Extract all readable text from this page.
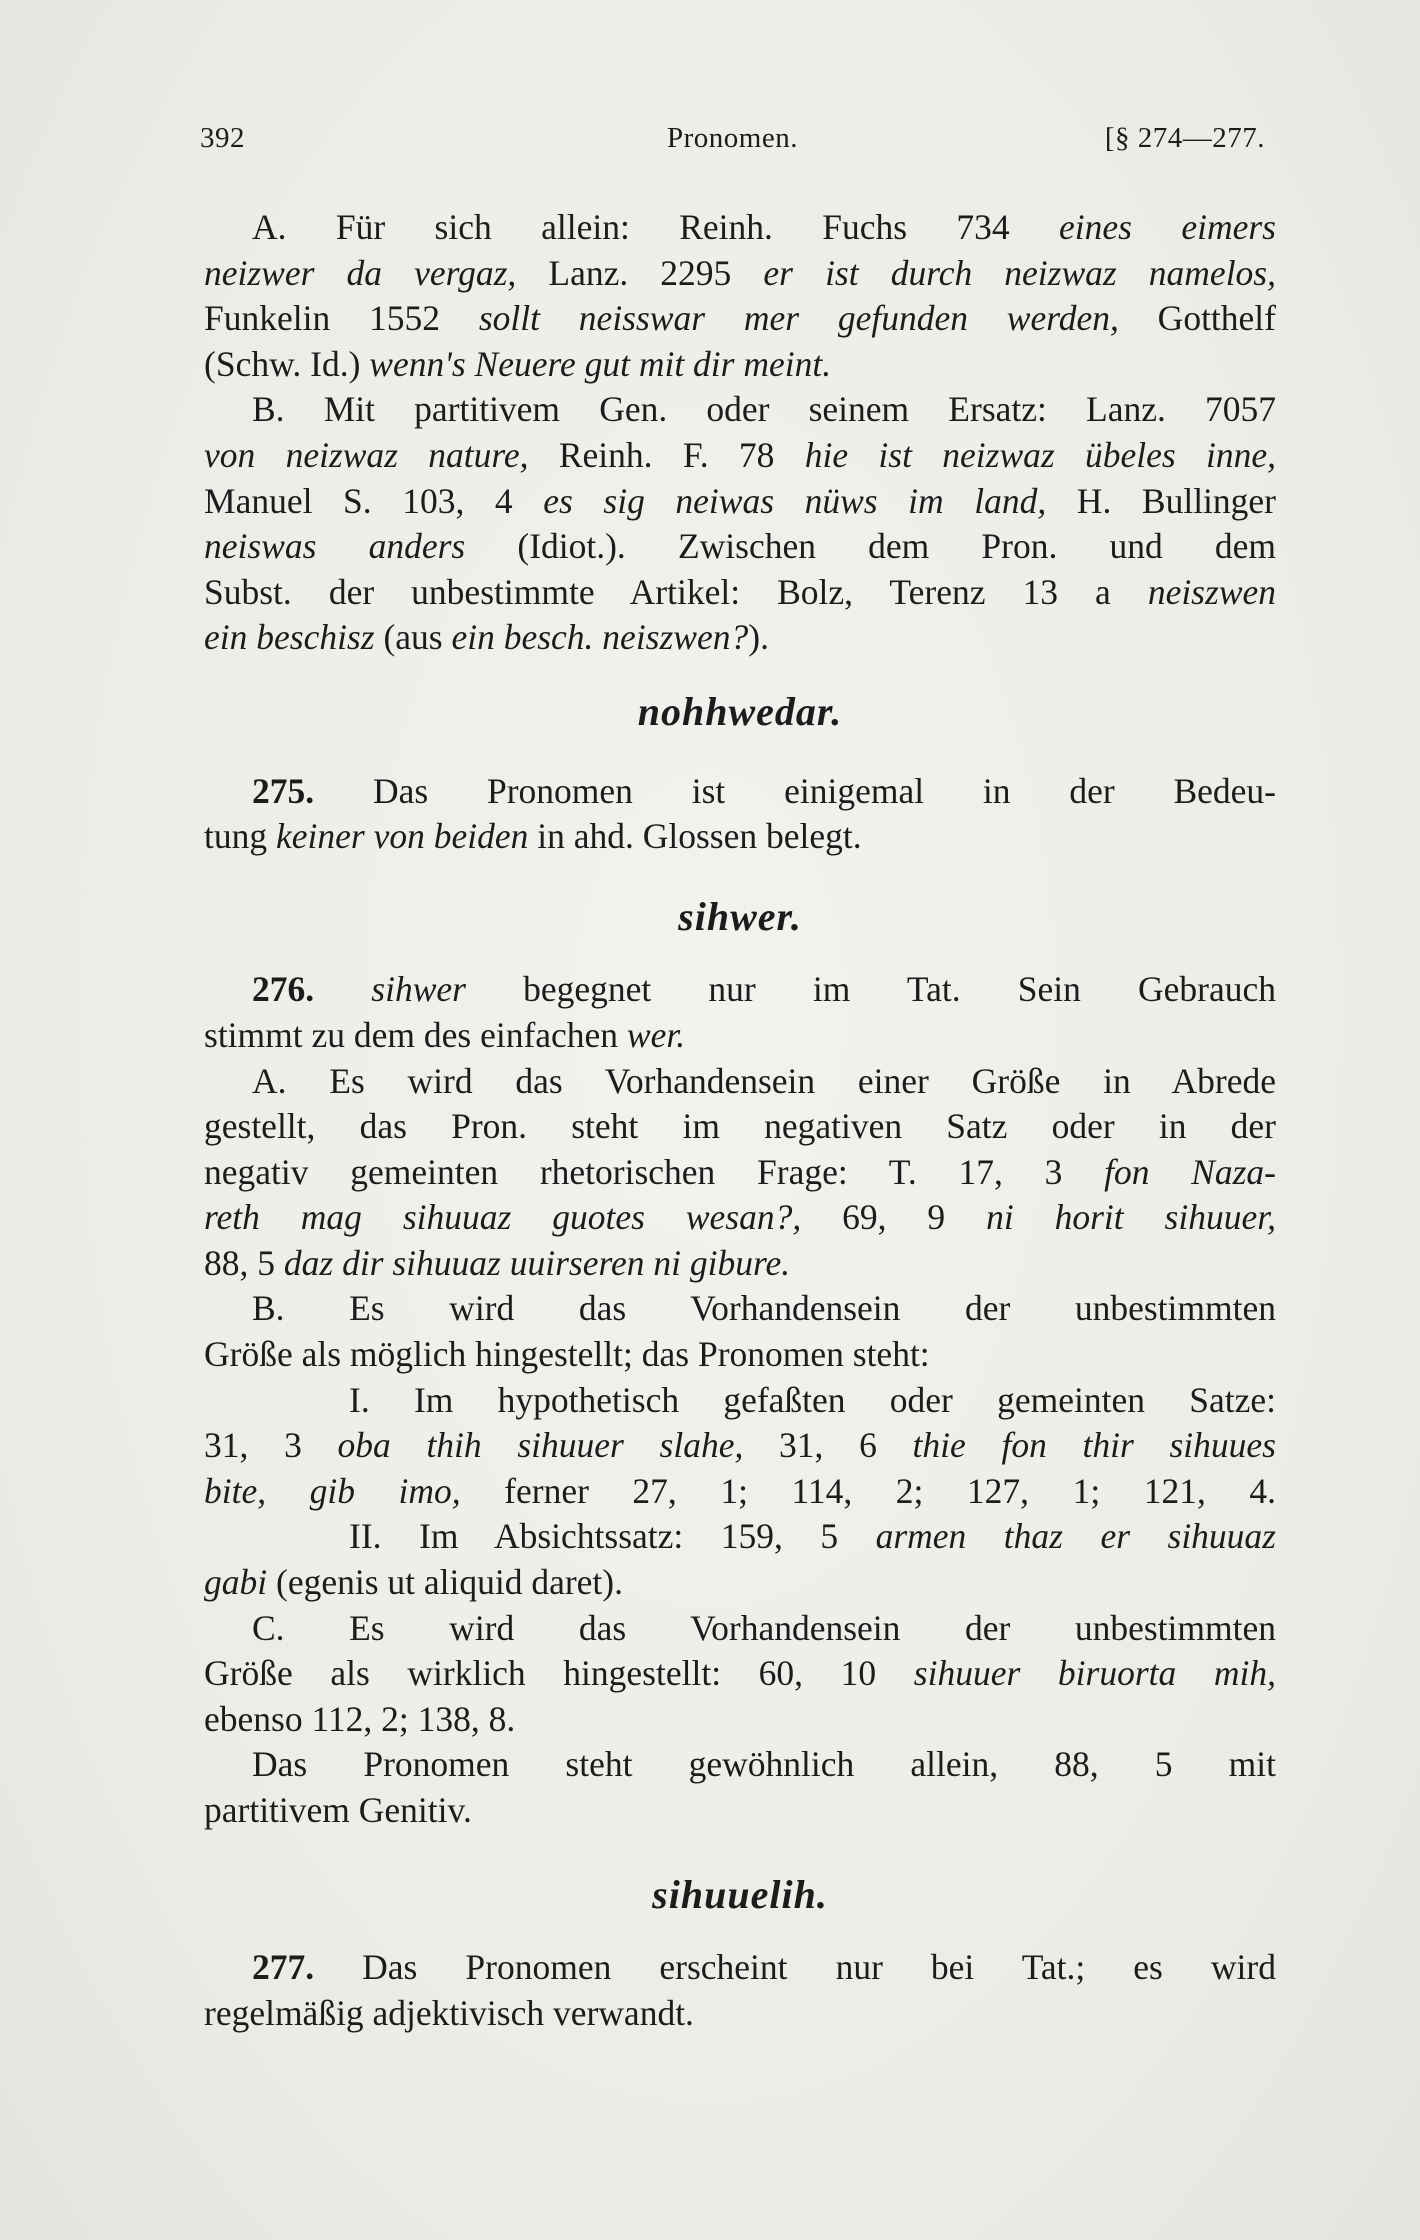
392	Pronomen.	[§ 274—277.
A. Für sich allein: Reinh. Fuchs 734 eines eimers
neizwer da vergaz, Lanz. 2295 er ist durch neizwaz namelos,
Funkelin 1552 sollt neisswar mer gefunden werden, Gotthelf
(Schw. Id.) wenn's Neuere gut mit dir meint.
B. Mit partitivem Gen. oder seinem Ersatz: Lanz. 7057
von neizwaz nature, Reinh. F. 78 hie ist neizwaz übeles inne,
Manuel S. 103, 4 es sig neiwas nüws im land, H. Bullinger
neiswas anders (Idiot.). Zwischen dem Pron. und dem
Subst. der unbestimmte Artikel: Bolz, Terenz 13 a neiszwen
ein beschisz (aus ein besch. neiszwen?).
nohhwedar.
275. Das Pronomen ist einigemal in der Bedeu-
tung keiner von beiden in ahd. Glossen belegt.
sihwer.
276. sihwer begegnet nur im Tat. Sein Gebrauch
stimmt zu dem des einfachen wer.
A. Es wird das Vorhandensein einer Größe in Abrede
gestellt, das Pron. steht im negativen Satz oder in der
negativ gemeinten rhetorischen Frage: T. 17, 3 fon Naza-
reth mag sihuuaz guotes wesan?, 69, 9 ni horit sihuuer,
88, 5 daz dir sihuuaz uuirseren ni gibure.
B. Es wird das Vorhandensein der unbestimmten
Größe als möglich hingestellt; das Pronomen steht:
I. Im hypothetisch gefaßten oder gemeinten Satze:
31, 3 oba thih sihuuer slahe, 31, 6 thie fon thir sihuues
bite, gib imo, ferner 27, 1; 114, 2; 127, 1; 121, 4.
II. Im Absichtssatz: 159, 5 armen thaz er sihuuaz
gabi (egenis ut aliquid daret).
C. Es wird das Vorhandensein der unbestimmten
Größe als wirklich hingestellt: 60, 10 sihuuer biruorta mih,
ebenso 112, 2; 138, 8.
Das Pronomen steht gewöhnlich allein, 88, 5 mit
partitivem Genitiv.
sihuuelih.
277. Das Pronomen erscheint nur bei Tat.; es wird
regelmäßig adjektivisch verwandt.
